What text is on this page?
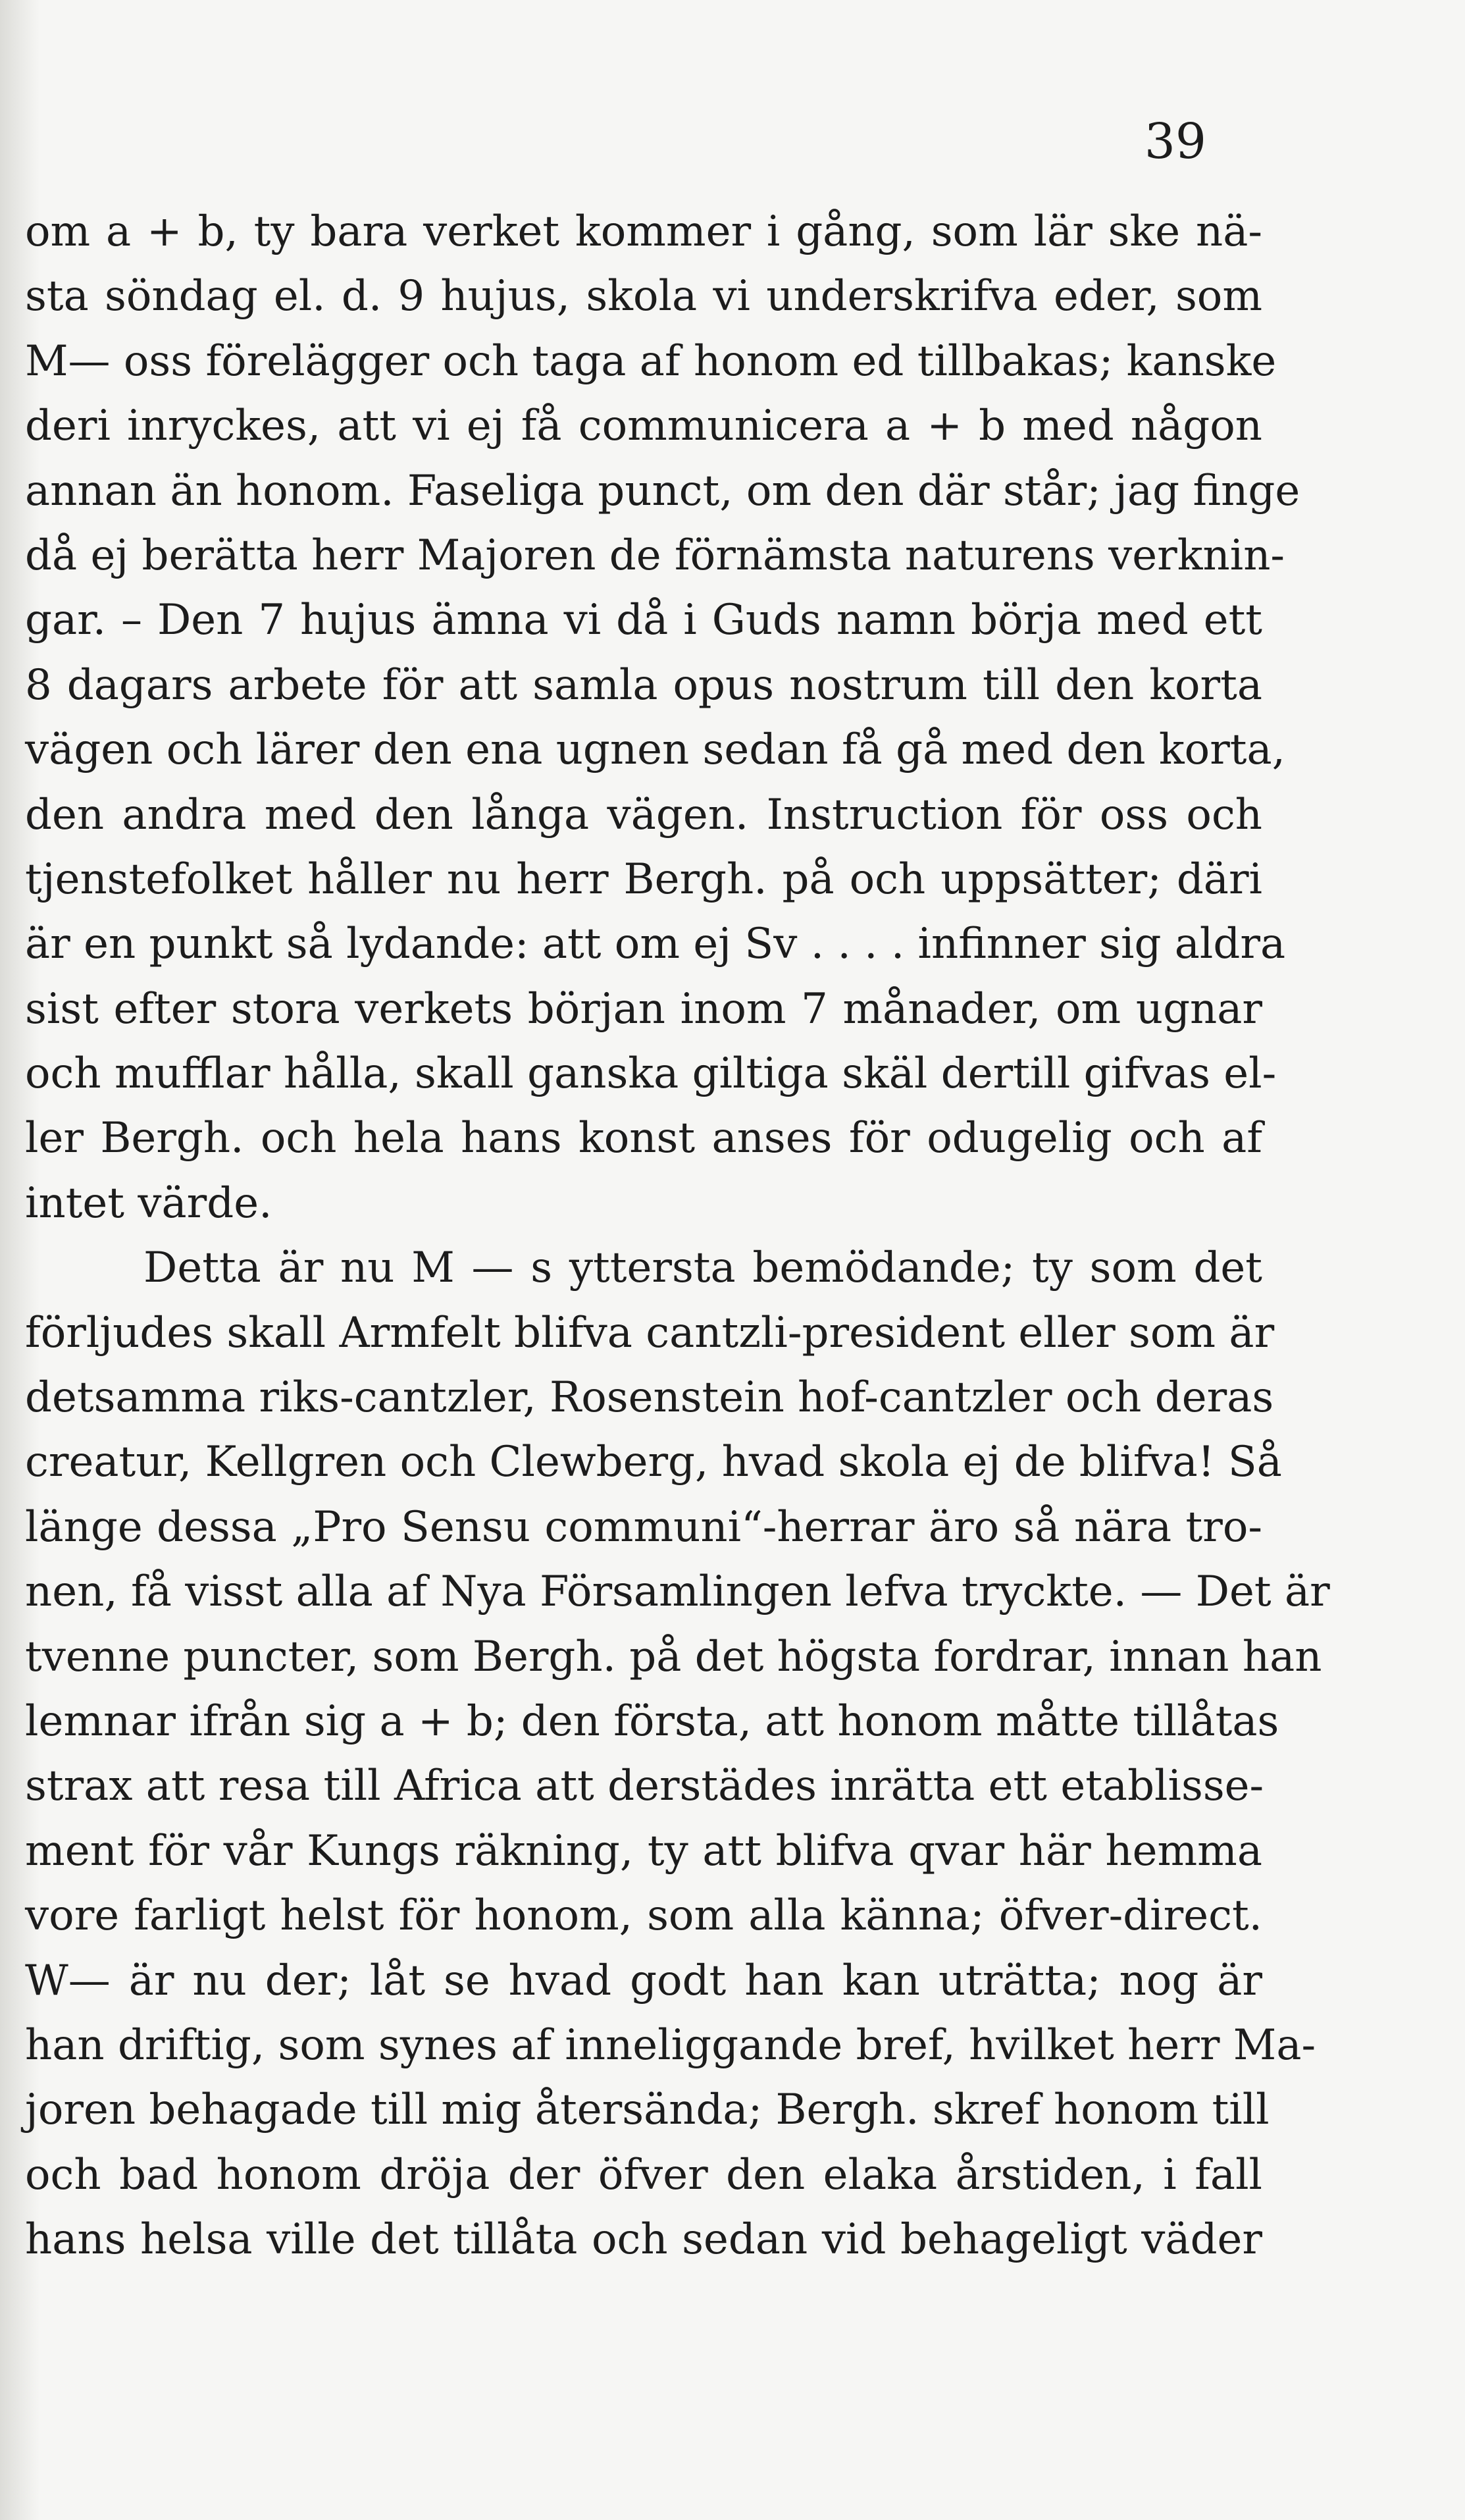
39
om a + b, ty bara verket kommer i gång, som lär ske nä-
sta söndag el. d. 9 hujus, skola vi underskrifva eder, som
M— oss förelägger och taga af honom ed tillbakas; kanske
deri inryckes, att vi ej få communicera a + b med någon
annan än honom. Faseliga punct, om den där står; jag finge
då ej berätta herr Majoren de förnämsta naturens verknin-
gar. – Den 7 hujus ämna vi då i Guds namn börja med ett
8 dagars arbete för att samla opus nostrum till den korta
vägen och lärer den ena ugnen sedan få gå med den korta,
den andra med den långa vägen. Instruction för oss och
tjenstefolket håller nu herr Bergh. på och uppsätter; däri
är en punkt så lydande: att om ej Sv . . . . infinner sig aldra
sist efter stora verkets början inom 7 månader, om ugnar
och mufflar hålla, skall ganska giltiga skäl dertill gifvas el-
ler Bergh. och hela hans konst anses för odugelig och af
intet värde.
Detta är nu M — s yttersta bemödande; ty som det
förljudes skall Armfelt blifva cantzli-president eller som är
detsamma riks-cantzler, Rosenstein hof-cantzler och deras
creatur, Kellgren och Clewberg, hvad skola ej de blifva! Så
länge dessa „Pro Sensu communi“-herrar äro så nära tro-
nen, få visst alla af Nya Församlingen lefva tryckte. — Det är
tvenne puncter, som Bergh. på det högsta fordrar, innan han
lemnar ifrån sig a + b; den första, att honom måtte tillåtas
strax att resa till Africa att derstädes inrätta ett etablisse-
ment för vår Kungs räkning, ty att blifva qvar här hemma
vore farligt helst för honom, som alla känna; öfver-direct.
W— är nu der; låt se hvad godt han kan uträtta; nog är
han driftig, som synes af inneliggande bref, hvilket herr Ma-
joren behagade till mig återsända; Bergh. skref honom till
och bad honom dröja der öfver den elaka årstiden, i fall
hans helsa ville det tillåta och sedan vid behageligt väder
